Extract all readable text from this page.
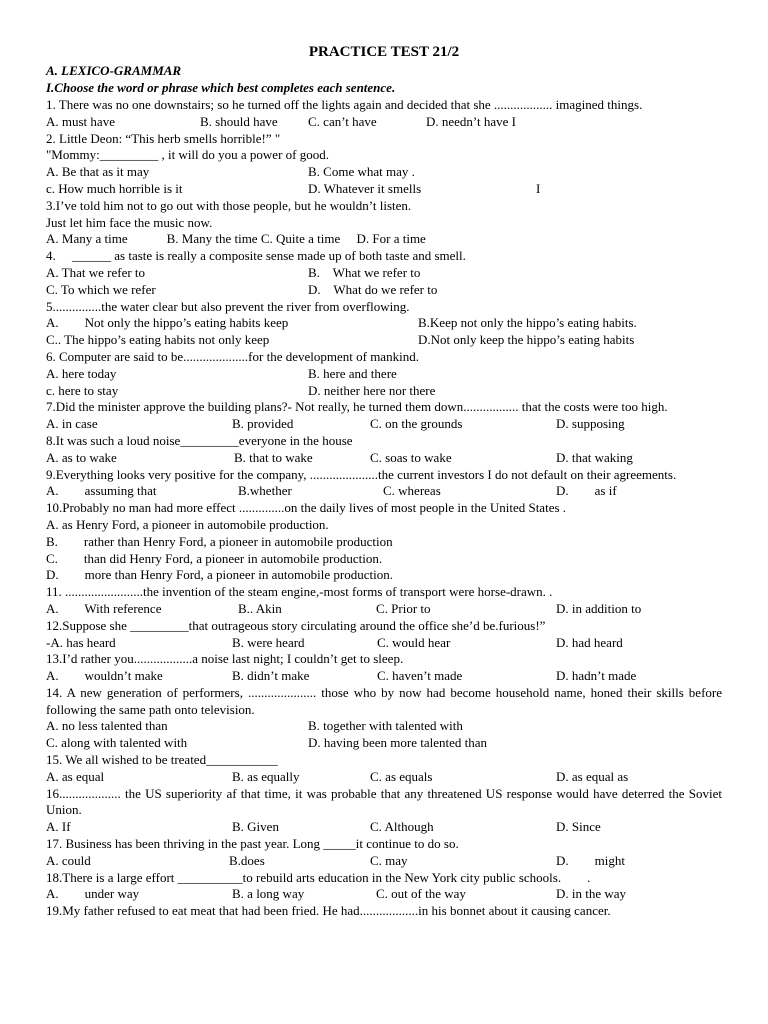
PRACTICE TEST 21/2
A. LEXICO-GRAMMAR
I.Choose the word or phrase which best completes each sentence.
1. There was no one downstairs; so he turned off the lights again and decided that she .................. imagined things.
A. must have	B. should have C. can’t have	D. needn’t have I
2. Little Deon: “This herb smells horrible!” "
"Mommy:_________ , it will do you a power of good.
A. Be that as it may	B. Come what may .
c. How much horrible is it	D. Whatever it smells	I
3.I’ve told him not to go out with those people, but he wouldn’t listen.
Just let him face the music now.
A. Many a time            B. Many the time C. Quite a time     D. For a time
4.     ______ as taste is really a composite sense made up of both taste and smell.
A. That we refer to	B.    What we refer to
C. To which we refer	D.    What do we refer to
5...............the water clear but also prevent the river from overflowing.
A.        Not only the hippo’s eating habits keep	B.Keep not only the hippo’s eating habits.
C.. The hippo’s eating habits not only keep	D.Not only keep the hippo’s eating habits
6. Computer are said to be....................for the development of mankind.
A. here today	B. here and there
c. here to stay	D. neither here nor there
7.Did the minister approve the building plans?- Not really, he turned them down................. that the costs were too high.
A. in case	B. provided	C. on the grounds	D. supposing
8.It was such a loud noise_________everyone in the house
A. as to wake	B. that to wake	C. soas to wake	D. that waking
9.Everything looks very positive for the company, .....................the current investors I do not default on their agreements.
A.        assuming that	B.whether	C. whereas	D.        as if
10.Probably no man had more effect ..............on the daily lives of most people in the United States .
A. as Henry Ford, a pioneer in automobile production.
B.        rather than Henry Ford, a pioneer in automobile production
C.        than did Henry Ford, a pioneer in automobile production.
D.        more than Henry Ford, a pioneer in automobile production.
11. ........................the invention of the steam engine,-most forms of transport were horse-drawn. .
A.        With reference	B.. Akin	C. Prior to	D. in addition to
12.Suppose she _________that outrageous story circulating around the office she’d be.furious!”
-A. has heard	B. were heard	C. would hear	D. had heard
13.I’d rather you..................a noise last night; I couldn’t get to sleep.
A.        wouldn’t make	B. didn’t make	C. haven’t made	D. hadn’t made
14. A new generation of performers, ..................... those who by now had become household name, honed their skills before following the same path onto television.
A. no less talented than	B. together with talented with
C. along with talented with	D. having been more talented than
15. We all wished to be treated___________
A. as equal	B. as equally	C. as equals	D. as equal as
16................... the US superiority af that time, it was probable that any threatened US response would have deterred the Soviet Union.
A. If	B. Given	C. Although	D. Since
17. Business has been thriving in the past year. Long _____it continue to do so.
A. could	B.does	C. may	D.        might
18.There is a large effort __________to rebuild arts education in the New York city public schools.        .
A.        under way	B. a long way	C. out of the way	D. in the way
19.My father refused to eat meat that had been fried. He had..................in his bonnet about it causing cancer.
